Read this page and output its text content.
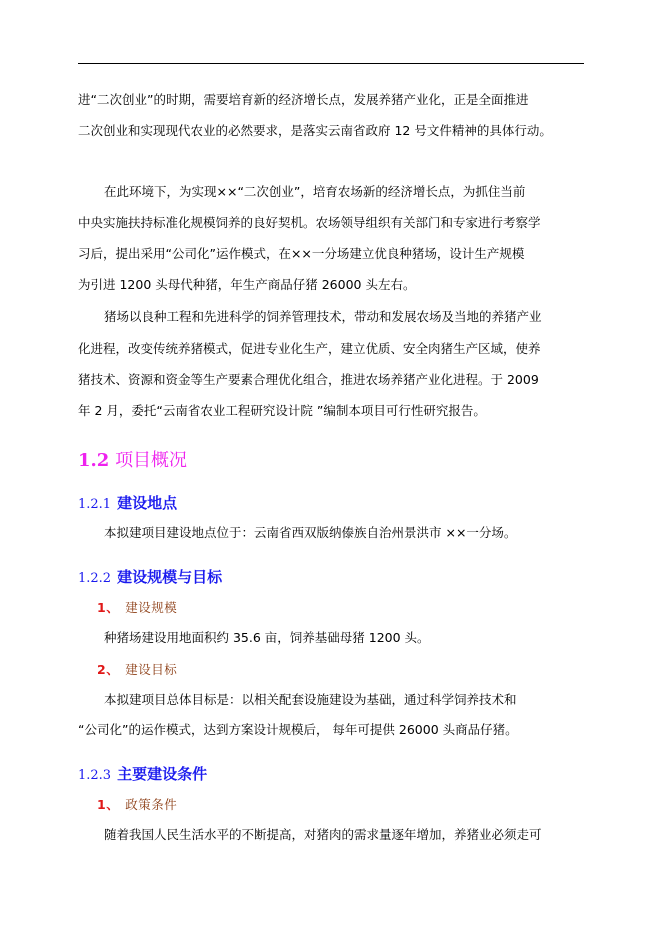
进“二次创业”的时期，需要培育新的经济增长点，发展养猪产业化，正是全面推进
二次创业和实现现代农业的必然要求，是落实云南省政府 12 号文件精神的具体行动。
在此环境下，为实现××“二次创业”，培育农场新的经济增长点，为抓住当前
中央实施扶持标准化规模饲养的良好契机。农场领导组织有关部门和专家进行考察学
习后，提出采用“公司化”运作模式，在××一分场建立优良种猪场，设计生产规模
为引进 1200 头母代种猪，年生产商品仔猪 26000 头左右。
猪场以良种工程和先进科学的饲养管理技术，带动和发展农场及当地的养猪产业
化进程，改变传统养猪模式，促进专业化生产，建立优质、安全肉猪生产区域，使养
猪技术、资源和资金等生产要素合理优化组合，推进农场养猪产业化进程。于 2009
年 2 月，委托“云南省农业工程研究设计院 ”编制本项目可行性研究报告。
1.2 项目概况
1.2.1 建设地点
本拟建项目建设地点位于：云南省西双版纳傣族自治州景洪市 ××一分场。
1.2.2 建设规模与目标
1、 建设规模
种猪场建设用地面积约 35.6 亩，饲养基础母猪 1200 头。
2、 建设目标
本拟建项目总体目标是：以相关配套设施建设为基础，通过科学饲养技术和
“公司化”的运作模式，达到方案设计规模后， 每年可提供 26000 头商品仔猪。
1.2.3 主要建设条件
1、 政策条件
随着我国人民生活水平的不断提高，对猪肉的需求量逐年增加，养猪业必须走可
